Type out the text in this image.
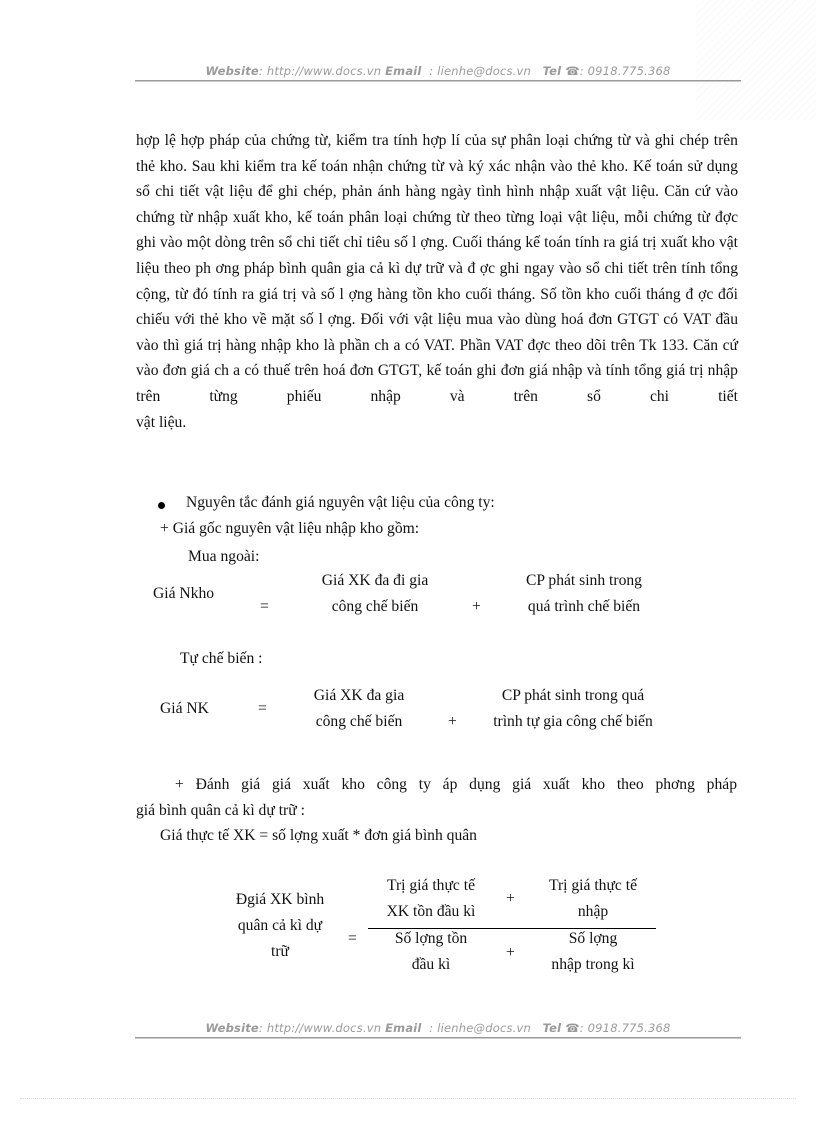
Website: http://www.docs.vn Email : lienhe@docs.vn Tel ☎: 0918.775.368

hợp lệ hợp pháp của chứng từ, kiểm tra tính hợp lí của sự phân loại chứng từ và ghi chép trên thẻ kho. Sau khi kiểm tra kế toán nhận chứng từ và ký xác nhận vào thẻ kho. Kế toán sử dụng sổ chi tiết vật liệu để ghi chép, phản ánh hàng ngày tình hình nhập xuất vật liệu. Căn cứ vào chứng từ nhập xuất kho, kế toán phân loại chứng từ theo từng loại vật liệu, mỗi chứng từ đợc ghi vào một dòng trên sổ chi tiết chỉ tiêu số l ợng. Cuối tháng kế toán tính ra giá trị xuất kho vật liệu theo ph ơng pháp bình quân gia cả kì dự trữ và đ ợc ghi ngay vào sổ chi tiết trên tính tổng cộng, từ đó tính ra giá trị và số l ợng hàng tồn kho cuối tháng. Số tồn kho cuối tháng đ ợc đối chiếu với thẻ kho về mặt số l ợng. Đối với vật liệu mua vào dùng hoá đơn GTGT có VAT đầu vào thì giá trị hàng nhập kho là phần ch a có VAT. Phần VAT đợc theo dõi trên Tk 133. Căn cứ vào đơn giá ch a có thuế trên hoá đơn GTGT, kế toán ghi đơn giá nhập và tính tổng giá trị nhập trên từng phiếu nhập và trên sổ chi tiết
vật liệu.

Nguyên tắc đánh giá nguyên vật liệu của công ty:
+ Giá gốc nguyên vật liệu nhập kho gồm:
Mua ngoài:
Giá Nkho
=
Giá XK đa đi gia
công chế biến	+
CP phát sinh trong
quá trình chế biến
Tự chế biến :
Giá NK	=
Giá XK đa gia
công chế biến	+
CP phát sinh trong quá
trình tự gia công chế biến
+ Đánh giá giá xuất kho công ty áp dụng giá xuất kho theo phơng pháp
giá bình quân cả kì dự trữ :
Giá thực tế XK = số lợng xuất * đơn giá bình quân
Đgiá XK bình
quân cả kì dự
trữ
=
Trị giá thực tế
XK tồn đầu kì
+
Trị giá thực tế
nhập
Số lợng tồn
đầu kì
+
Số lợng
nhập trong kì
Website: http://www.docs.vn Email : lienhe@docs.vn Tel ☎: 0918.775.368
